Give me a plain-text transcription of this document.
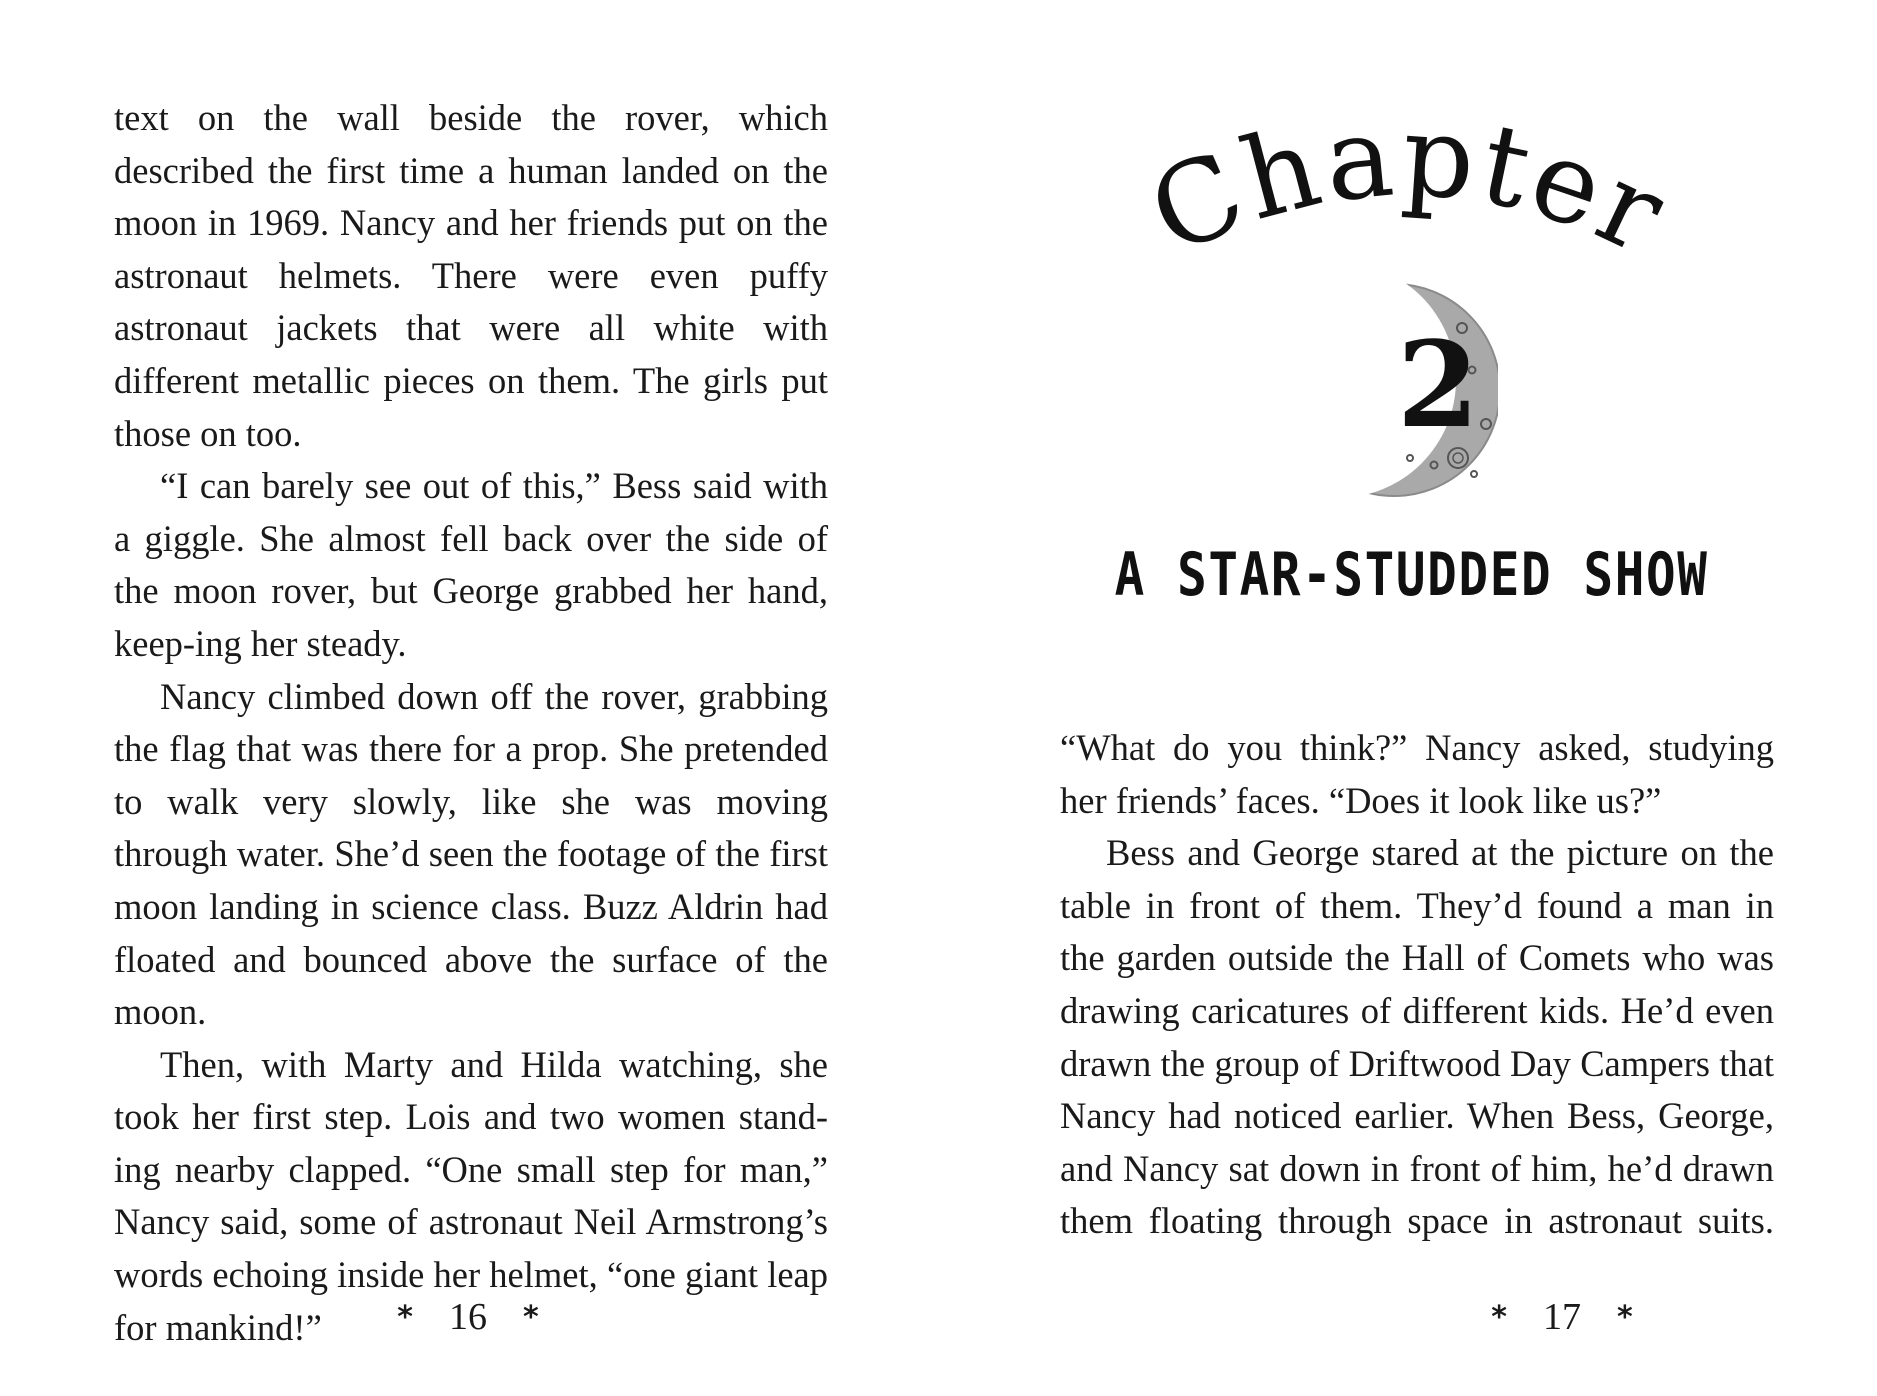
text on the wall beside the rover, which described the first time a human landed on the moon in 1969. Nancy and her friends put on the astronaut helmets. There were even puffy astronaut jackets that were all white with different metallic pieces on them. The girls put those on too.

“I can barely see out of this,” Bess said with a giggle. She almost fell back over the side of the moon rover, but George grabbed her hand, keep-ing her steady.

Nancy climbed down off the rover, grabbing the flag that was there for a prop. She pretended to walk very slowly, like she was moving through water. She’d seen the footage of the first moon landing in science class. Buzz Aldrin had floated and bounced above the surface of the moon.

Then, with Marty and Hilda watching, she took her first step. Lois and two women stand-ing nearby clapped. “One small step for man,” Nancy said, some of astronaut Neil Armstrong’s words echoing inside her helmet, “one giant leap for mankind!”	* 16 *
Chapter
2
A STAR-STUDDED SHOW

“What do you think?” Nancy asked, studying her friends’ faces. “Does it look like us?”

Bess and George stared at the picture on the table in front of them. They’d found a man in the garden outside the Hall of Comets who was drawing caricatures of different kids. He’d even drawn the group of Driftwood Day Campers that Nancy had noticed earlier. When Bess, George, and Nancy sat down in front of him, he’d drawn them floating through space in astronaut suits.

* 17 *
